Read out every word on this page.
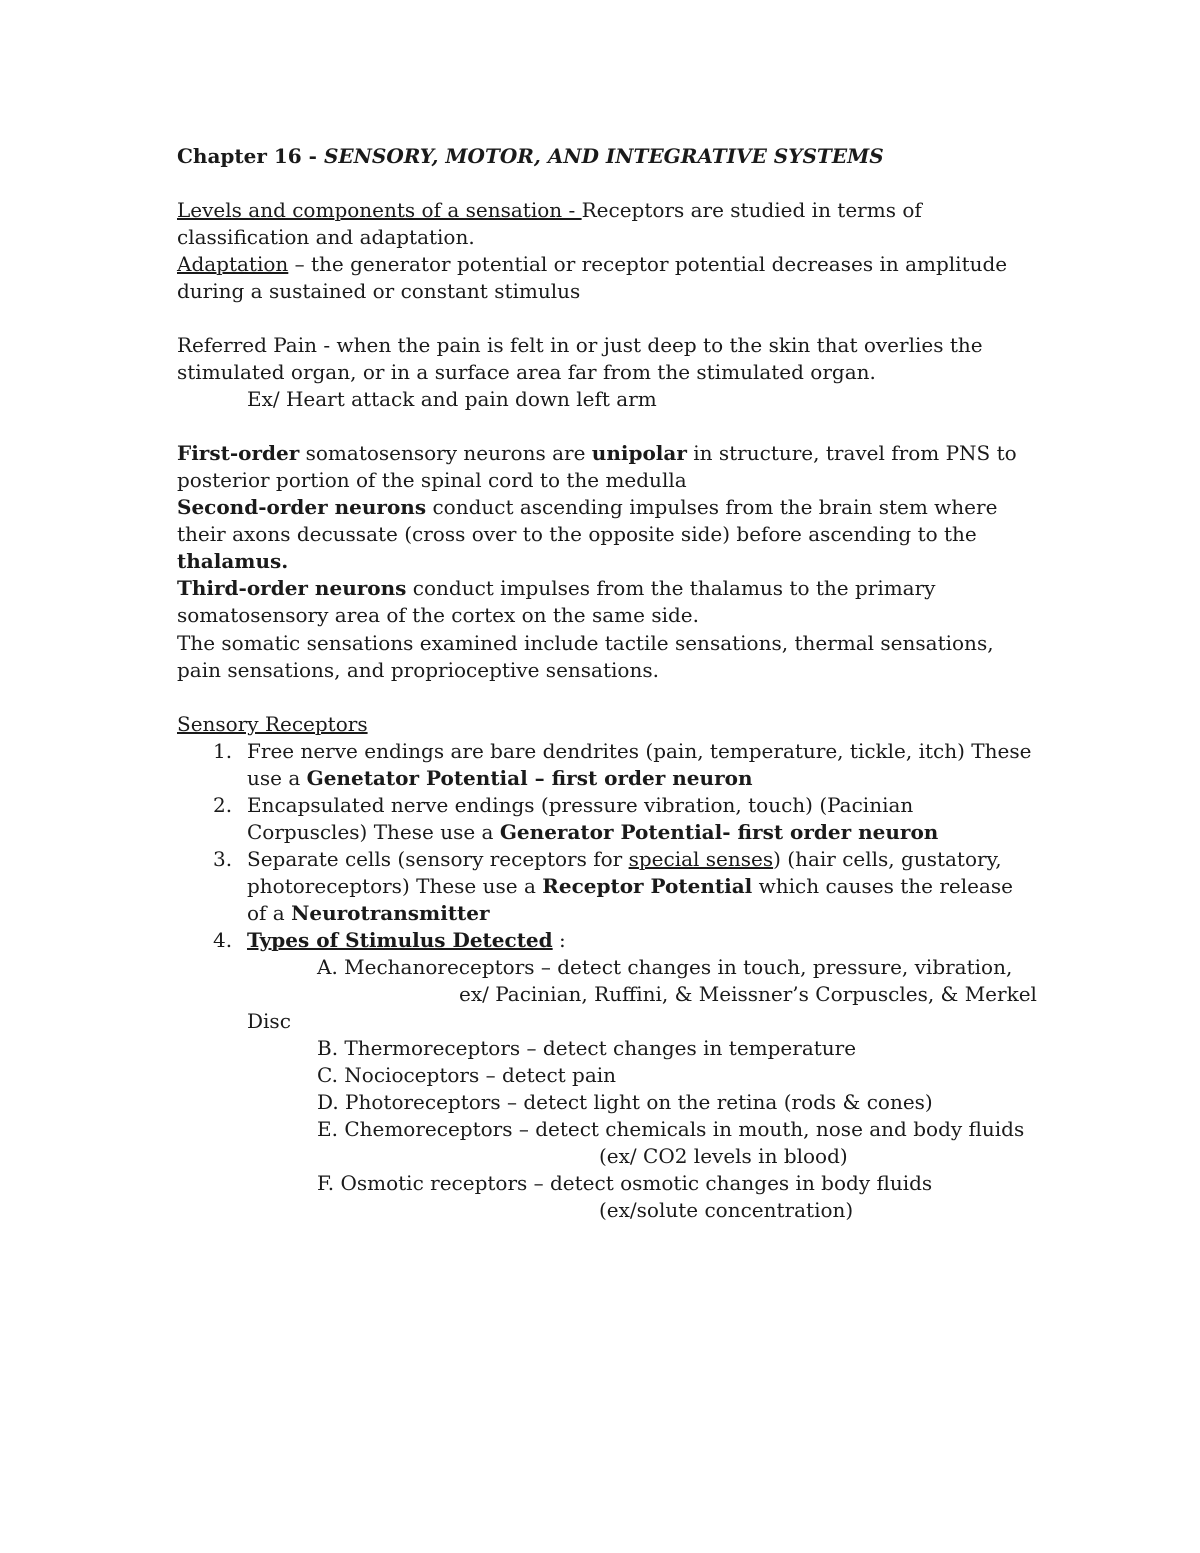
Chapter 16 - SENSORY, MOTOR, AND INTEGRATIVE SYSTEMS
Levels and components of a sensation - Receptors are studied in terms of classification and adaptation.
Adaptation – the generator potential or receptor potential decreases in amplitude during a sustained or constant stimulus
Referred Pain - when the pain is felt in or just deep to the skin that overlies the stimulated organ, or in a surface area far from the stimulated organ.
Ex/ Heart attack and pain down left arm
First-order somatosensory neurons are unipolar in structure, travel from PNS to posterior portion of the spinal cord to the medulla
Second-order neurons conduct ascending impulses from the brain stem where their axons decussate (cross over to the opposite side) before ascending to the thalamus.
Third-order neurons conduct impulses from the thalamus to the primary somatosensory area of the cortex on the same side.
The somatic sensations examined include tactile sensations, thermal sensations, pain sensations, and proprioceptive sensations.
Sensory Receptors
1. Free nerve endings are bare dendrites (pain, temperature, tickle, itch) These use a Genetator Potential – first order neuron
2. Encapsulated nerve endings (pressure vibration, touch) (Pacinian Corpuscles) These use a Generator Potential- first order neuron
3. Separate cells (sensory receptors for special senses) (hair cells, gustatory, photoreceptors) These use a Receptor Potential which causes the release of a Neurotransmitter
4. Types of Stimulus Detected :
A. Mechanoreceptors – detect changes in touch, pressure, vibration,
ex/ Pacinian, Ruffini, & Meissner’s Corpuscles, & Merkel
Disc
B. Thermoreceptors – detect changes in temperature
C. Nocioceptors – detect pain
D. Photoreceptors – detect light on the retina (rods & cones)
E. Chemoreceptors – detect chemicals in mouth, nose and body fluids
(ex/ CO2 levels in blood)
F. Osmotic receptors – detect osmotic changes in body fluids
(ex/solute concentration)
